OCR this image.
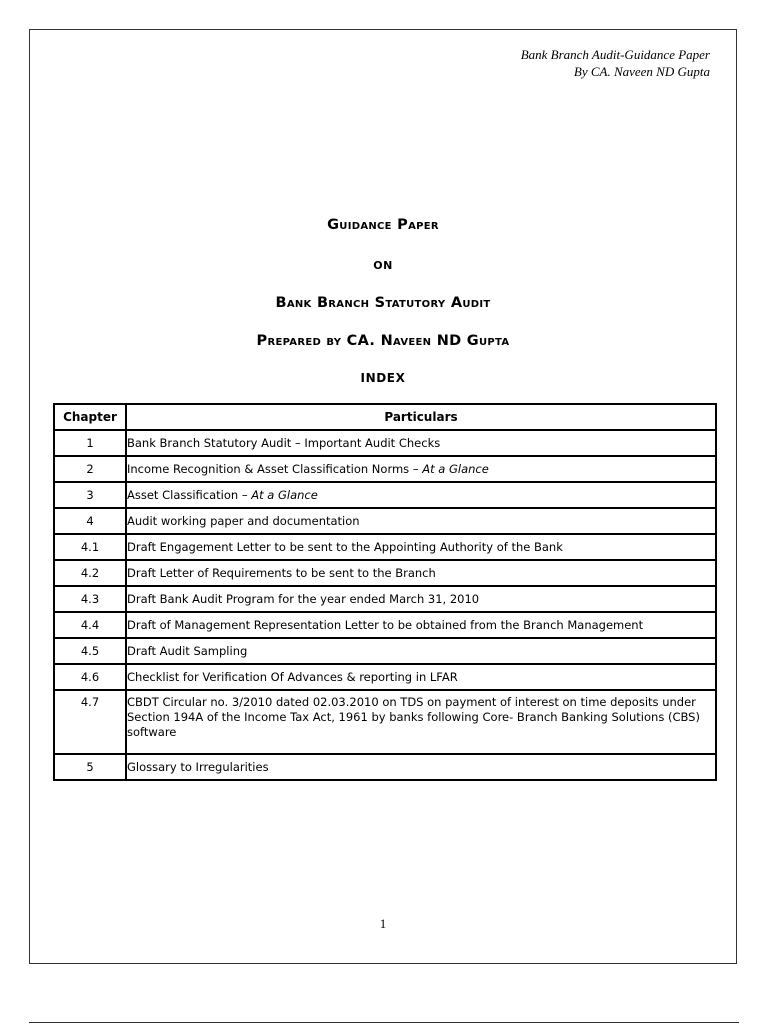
Bank Branch Audit-Guidance Paper
By CA. Naveen ND Gupta
Guidance Paper
ON
Bank Branch Statutory Audit
Prepared by CA. Naveen ND Gupta
INDEX
Chapter	Particulars
1	Bank Branch Statutory Audit – Important Audit Checks
2	Income Recognition & Asset Classification Norms – At a Glance
3	Asset Classification – At a Glance
4	Audit working paper and documentation
4.1	Draft Engagement Letter to be sent to the Appointing Authority of the Bank
4.2	Draft Letter of Requirements to be sent to the Branch
4.3	Draft Bank Audit Program for the year ended March 31, 2010
4.4	Draft of Management Representation Letter to be obtained from the Branch Management
4.5	Draft Audit Sampling
4.6	Checklist for Verification Of Advances & reporting in LFAR
4.7	CBDT Circular no. 3/2010 dated 02.03.2010 on TDS on payment of interest on time deposits under Section 194A of the Income Tax Act, 1961 by banks following Core- Branch Banking Solutions (CBS) software
5	Glossary to Irregularities
1
